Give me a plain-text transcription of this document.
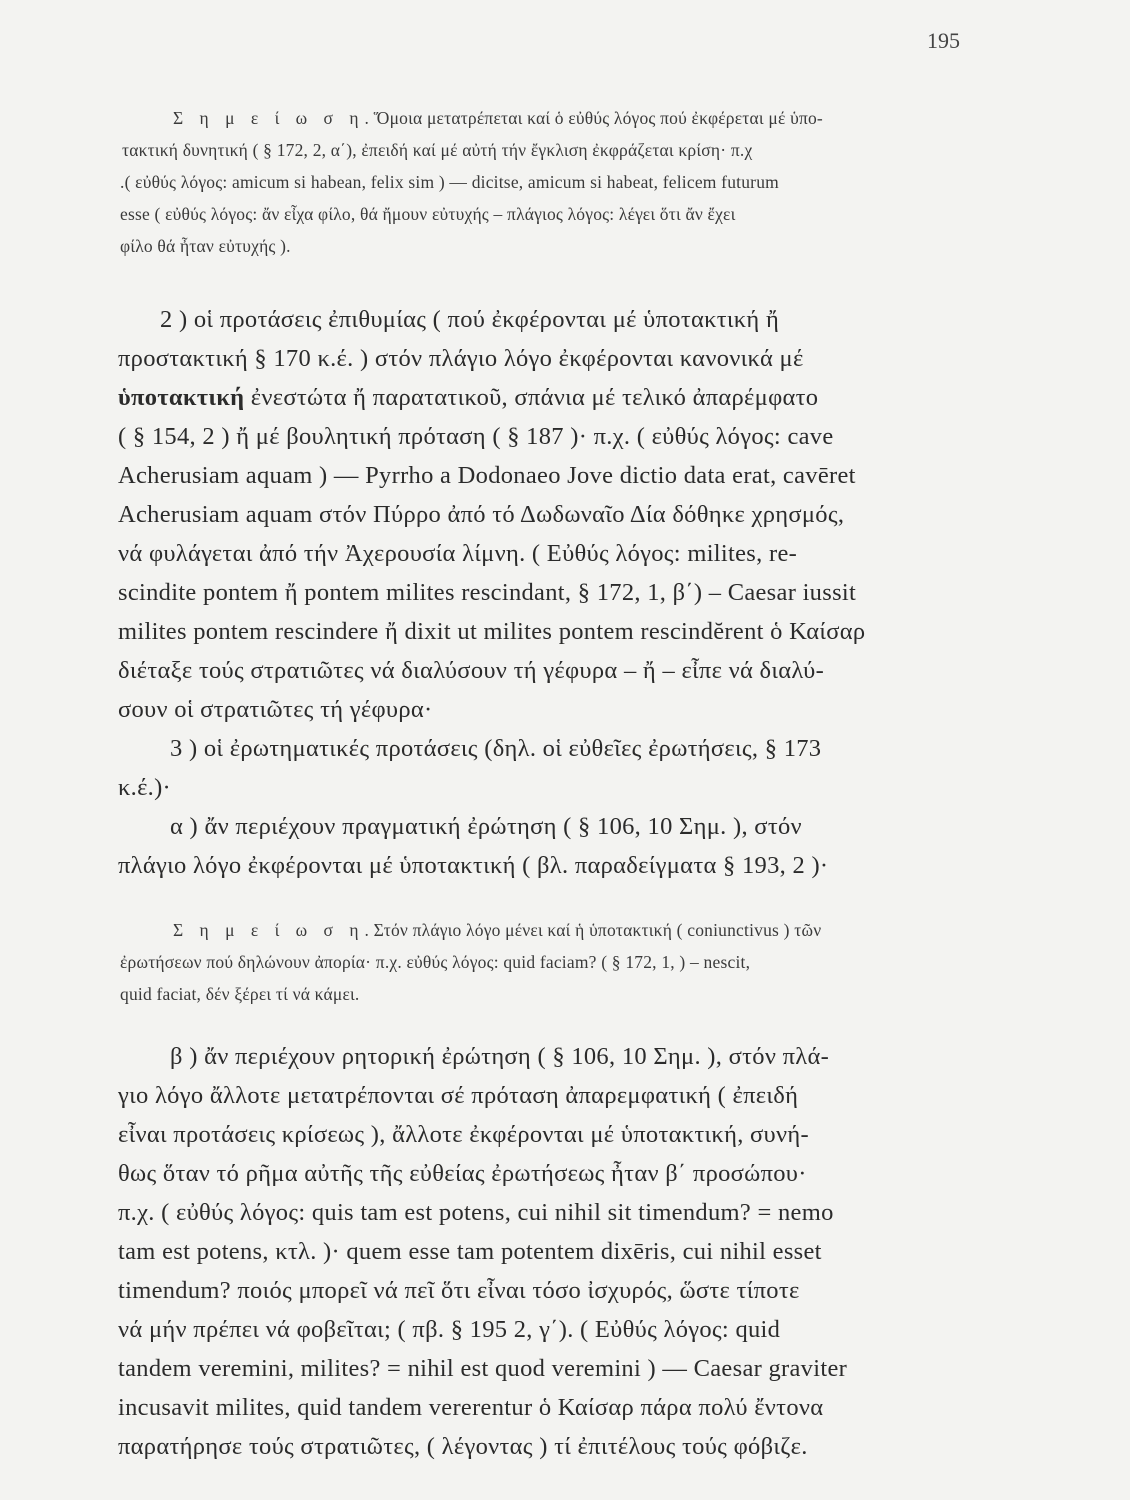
195
Σ η μ ε ί ω σ η. Ὅμοια μετατρέπεται καί ὁ εὐθύς λόγος πού ἐκφέρεται μέ ὑπο-
τακτική δυνητική ( § 172, 2, α΄), ἐπειδή καί μέ αὐτή τήν ἔγκλιση ἐκφράζεται κρίση· π.χ
.( εὐθύς λόγος: amicum si habean, felix sim ) — dicitse, amicum si habeat, felicem futurum
esse ( εὐθύς λόγος: ἄν εἶχα φίλο, θά ἤμουν εὐτυχής – πλάγιος λόγος: λέγει ὅτι ἄν ἔχει
φίλο θά ἦταν εὐτυχής ).
2 ) οἱ προτάσεις ἐπιθυμίας ( πού ἐκφέρονται μέ ὑποτακτική ἤ
προστακτική § 170 κ.έ. ) στόν πλάγιο λόγο ἐκφέρονται κανονικά μέ
ὑποτακτική ἐνεστώτα ἤ παρατατικοῦ, σπάνια μέ τελικό ἀπαρέμφατο
( § 154, 2 ) ἤ μέ βουλητική πρόταση ( § 187 )· π.χ. ( εὐθύς λόγος: cave
Acherusiam aquam ) — Pyrrho a Dodonaeo Jove dictio data erat, cavēret
Acherusiam aquam στόν Πύρρο ἀπό τό Δωδωναῖο Δία δόθηκε χρησμός,
νά φυλάγεται ἀπό τήν Ἀχερουσία λίμνη. ( Εὐθύς λόγος: milites, re-
scindite pontem ἤ pontem milites rescindant, § 172, 1, β΄) – Caesar iussit
milites pontem rescindere ἤ dixit ut milites pontem rescindĕrent ὁ Καίσαρ
διέταξε τούς στρατιῶτες νά διαλύσουν τή γέφυρα – ἤ – εἶπε νά διαλύ-
σουν οἱ στρατιῶτες τή γέφυρα·
3 ) οἱ ἐρωτηματικές προτάσεις (δηλ. οἱ εὐθεῖες ἐρωτήσεις, § 173
κ.έ.)·
α ) ἄν περιέχουν πραγματική ἐρώτηση ( § 106, 10 Σημ. ), στόν
πλάγιο λόγο ἐκφέρονται μέ ὑποτακτική ( βλ. παραδείγματα § 193, 2 )·
Σ η μ ε ί ω σ η. Στόν πλάγιο λόγο μένει καί ἡ ὑποτακτική ( coniunctivus ) τῶν
ἐρωτήσεων πού δηλώνουν ἀπορία· π.χ. εὐθύς λόγος: quid faciam? ( § 172, 1, ) – nescit,
quid faciat, δέν ξέρει τί νά κάμει.
β ) ἄν περιέχουν ρητορική ἐρώτηση ( § 106, 10 Σημ. ), στόν πλά-
γιο λόγο ἄλλοτε μετατρέπονται σέ πρόταση ἀπαρεμφατική ( ἐπειδή
εἶναι προτάσεις κρίσεως ), ἄλλοτε ἐκφέρονται μέ ὑποτακτική, συνή-
θως ὅταν τό ρῆμα αὐτῆς τῆς εὐθείας ἐρωτήσεως ἦταν β΄ προσώπου·
π.χ. ( εὐθύς λόγος: quis tam est potens, cui nihil sit timendum? = nemo
tam est potens, κτλ. )· quem esse tam potentem dixēris, cui nihil esset
timendum? ποιός μπορεῖ νά πεῖ ὅτι εἶναι τόσο ἰσχυρός, ὥστε τίποτε
νά μήν πρέπει νά φοβεῖται; ( πβ. § 195 2, γ΄). ( Εὐθύς λόγος: quid
tandem veremini, milites? = nihil est quod veremini ) — Caesar graviter
incusavit milites, quid tandem vererentur ὁ Καίσαρ πάρα πολύ ἔντονα
παρατήρησε τούς στρατιῶτες, ( λέγοντας ) τί ἐπιτέλους τούς φόβιζε.
